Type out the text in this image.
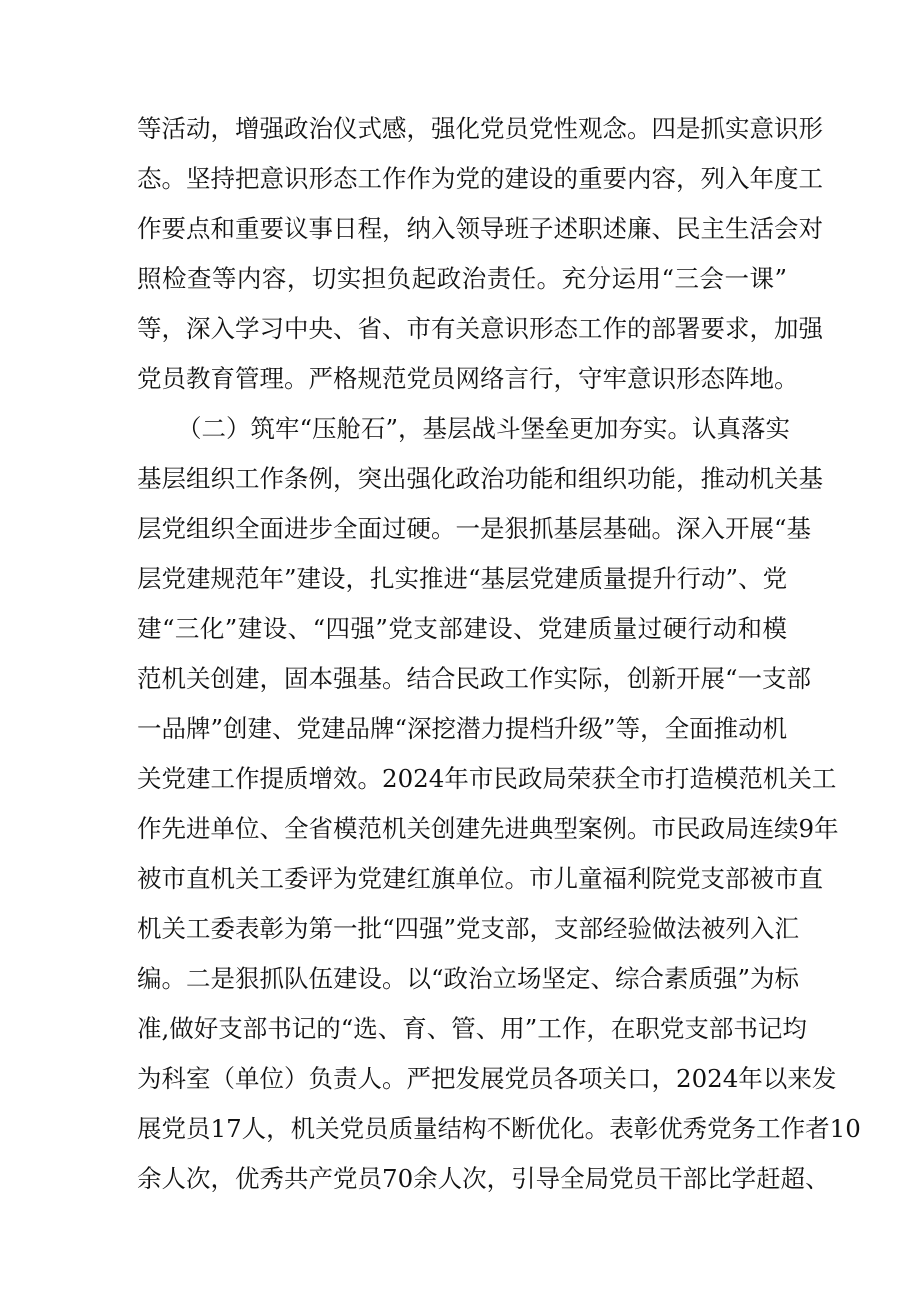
等活动，增强政治仪式感，强化党员党性观念。四是抓实意识形
态。坚持把意识形态工作作为党的建设的重要内容，列入年度工
作要点和重要议事日程，纳入领导班子述职述廉、民主生活会对
照检查等内容，切实担负起政治责任。充分运用“三会一课”
等，深入学习中央、省、市有关意识形态工作的部署要求，加强
党员教育管理。严格规范党员网络言行，守牢意识形态阵地。
（二）筑牢“压舱石”，基层战斗堡垒更加夯实。认真落实
基层组织工作条例，突出强化政治功能和组织功能，推动机关基
层党组织全面进步全面过硬。一是狠抓基层基础。深入开展“基
层党建规范年”建设，扎实推进“基层党建质量提升行动”、党
建“三化”建设、“四强”党支部建设、党建质量过硬行动和模
范机关创建，固本强基。结合民政工作实际，创新开展“一支部
一品牌”创建、党建品牌“深挖潜力提档升级”等，全面推动机
关党建工作提质增效。2024年市民政局荣获全市打造模范机关工
作先进单位、全省模范机关创建先进典型案例。市民政局连续9年
被市直机关工委评为党建红旗单位。市儿童福利院党支部被市直
机关工委表彰为第一批“四强”党支部，支部经验做法被列入汇
编。二是狠抓队伍建设。以“政治立场坚定、综合素质强”为标
准,做好支部书记的“选、育、管、用”工作，在职党支部书记均
为科室（单位）负责人。严把发展党员各项关口，2024年以来发
展党员17人，机关党员质量结构不断优化。表彰优秀党务工作者10
余人次，优秀共产党员70余人次，引导全局党员干部比学赶超、
